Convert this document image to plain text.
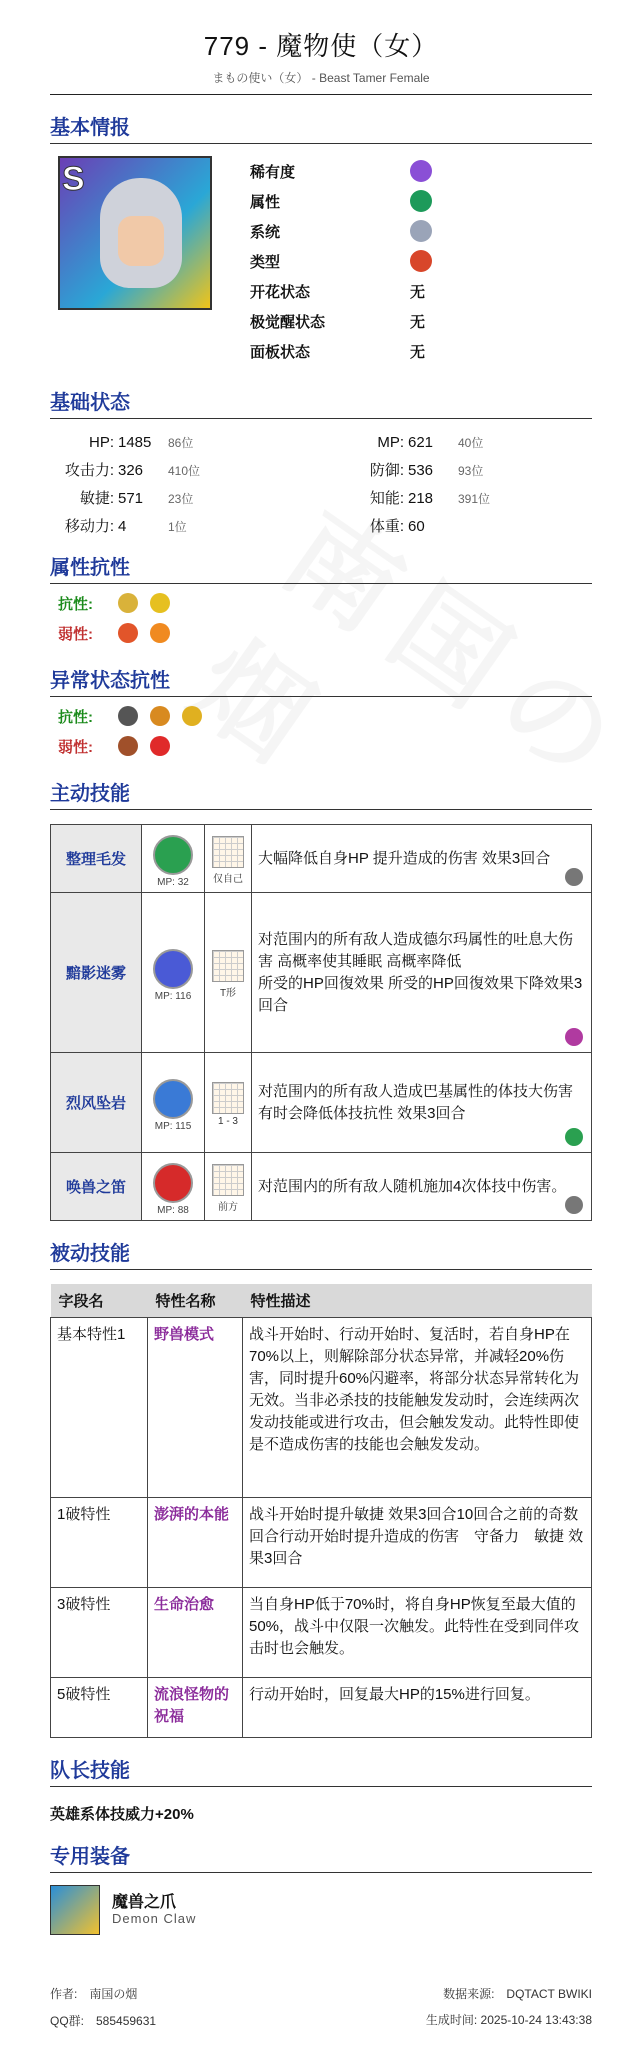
779 - 魔物使（女）
まもの使い（女） - Beast Tamer Female
基本情报
S	稀有度
属性
系统
类型
开花状态	无
极觉醒状态	无
面板状态	无
基础状态
HP: 1485 86位	MP: 621 40位
攻击力: 326 410位	防御: 536 93位
敏捷: 571 23位	知能: 218 391位
移动力: 4	1位	体重: 60
属性抗性
抗性:
弱性:
异常状态抗性
抗性:
弱性:
主动技能
整理毛发	MP: 32	仅自己	大幅降低自身HP 提升造成的伤害 效果3回合

黯影迷雾	MP: 116	T形	对范围内的所有敌人造成德尔玛属性的吐息大伤害 高概率使其睡眠 高概率降低
所受的HP回復效果 所受的HP回復效果下降效果3回合

烈风坠岩	MP: 115	1 - 3	对范围内的所有敌人造成巴基属性的体技大伤害 有时会降低体技抗性 效果3回合

唤兽之笛	MP: 88	前方	对范围内的所有敌人随机施加4次体技中伤害。
被动技能
字段名	特性名称	特性描述
基本特性1	野兽模式	战斗开始时、行动开始时、复活时，若自身HP在70%以上，则解除部分状态异常，并减轻20%伤害，同时提升60%闪避率，将部分状态异常转化为无效。当非必杀技的技能触发发动时，会连续两次发动技能或进行攻击，但会触发发动。此特性即使是不造成伤害的技能也会触发发动。
1破特性	澎湃的本能	战斗开始时提升敏捷 效果3回合10回合之前的奇数回合行动开始时提升造成的伤害　守备力　敏捷 效果3回合
3破特性	生命治愈	当自身HP低于70%时，将自身HP恢复至最大值的50%，战斗中仅限一次触发。此特性在受到同伴攻击时也会触发。
5破特性	流浪怪物的祝福	行动开始时，回复最大HP的15%进行回复。
队长技能
英雄系体技威力+20%
专用装备
魔兽之爪
Demon Claw
作者:　南国の烟	数据来源:　DQTACT BWIKI
QQ群:　585459631	生成时间: 2025-10-24 13:43:38
